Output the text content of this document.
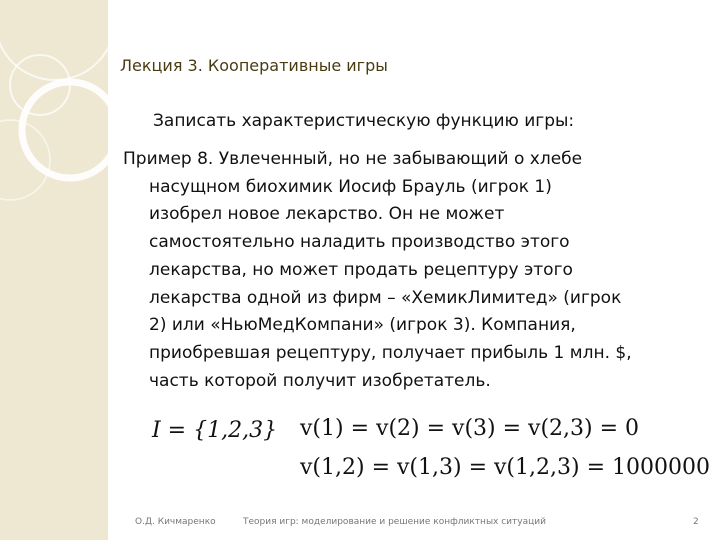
Лекция 3. Кооперативные игры
Записать характеристическую функцию игры:
Пример 8. Увлеченный, но не забывающий о хлебе
насущном биохимик Иосиф Брауль (игрок 1)
изобрел новое лекарство. Он не может
самостоятельно наладить производство этого
лекарства, но может продать рецептуру этого
лекарства одной из фирм – «ХемикЛимитед» (игрок
2) или «НьюМедКомпани» (игрок 3). Компания,
приобревшая рецептуру, получает прибыль 1 млн. $,
часть которой получит изобретатель.
I = {1,2,3} v(1) = v(2) = v(3) = v(2,3) = 0
v(1,2) = v(1,3) = v(1,2,3) = 1000000
О.Д. Кичмаренко	Теория игр: моделирование и решение конфликтных ситуаций	2
